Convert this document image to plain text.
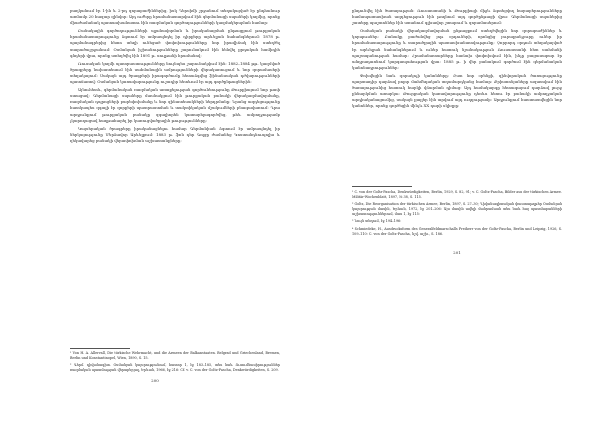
բաղկանում էր 1-ին և 2-րդ զորաբաժիններից, իսկ Դերսիմի շրջանում տեղակայված էր ընդհանուր առմամբ 20 հազար զինվոր: Այդ ուժերը հրամանատարվում էին գերմանացի սպաների կողմից, որոնք միաժամանակ պատասխանատու էին ռազմական գործողությունների կազմակերպման համար:

Բանակային գործողությունների պլանավորման և իրականացման ընթացքում թուրքական հրամանատարությունը ձգտում էր ամրապնդել իր դիրքերը արևելյան նահանգներում: 1878 թ. պայմանագրերից հետո տեղի ունեցած փոփոխությունները նոր իրավիճակ էին ստեղծել տարածաշրջանում: Օսմանյան իշխանությունները շարունակում էին հենվել քրդական համիդիե գնդերի վրա, որոնք ստեղծվել էին 1891 թ. սուլթանի հրամանով:

Ռուսական կողմի պատրաստությունները նույնպես շարունակվում էին: 1882–1884 թթ. կազմված ծրագրերը նախատեսում էին սահմանային ամրությունների վերակառուցում և նոր զորամասերի տեղակայում: Սակայն այդ ծրագրերի իրագործումը հետաձգվեց ֆինանսական դժվարությունների պատճառով: Օսմանյան կառավարությունը ուշադիր հետևում էր այդ գործընթացներին:

Այնուհետև, գերմանական ռազմական առաքելության գործունեությունը Թուրքիայում նոր թափ ստացավ: Գերմանացի սպաները մասնակցում էին թուրքական բանակի վերակազմավորմանը, ռազմական դպրոցների բարեփոխմանը և նոր զինատեսակների ներդրմանը: Նրանց ազդեցությունը հատկապես զգալի էր զորքերի պատրաստման և տակտիկական մշակումների բնագավառում: Դրա արդյունքում թուրքական բանակը զգալիորեն կատարելագործվեց, թեև ամբողջությամբ չկարողացավ հաղթահարել իր կառուցվածքային թուլությունները:

Կայսերական ծրագրերը իրականացնելու համար Գերմանիան ձգտում էր ամրապնդել իր ներկայությունը Մերձավոր Արևելքում: 1883 թ. ֆոն դեր Գոլցը ժամանեց Կոստանդնուպոլիս և ղեկավարեց բանակի վերափոխման աշխատանքները:

¹ Von H. A. Allervall, Die türkische Wehrmacht, und die Armeen der Balkanstaaten. Belgrad und Griechenland, Bremen, Berlin und Konstantinopel, Wien, 1890, S. 15.

² Գերմ. դիվանագիտ. Օսմանյան կայսրությունում, հատոր 1, էջ 183–185, տես նաև Ուսումնասիրություններ ռազմական պատմության վերաբերյալ, Երևան, 1966, էջ 216: Cf. v. C. von der Goltz-Pascha, Denkwürdigkeiten, S. 209.

200

ընդունվել էին ծառայության: Ռուսաստանի և Թուրքիայի միջև ձգտեցվող հարաբերությունները համապատասխան ազդեցություն էին թողնում այդ գործընթացի վրա: Գերմանացի սպաներից շատերը պաշտոններ էին ստանում գլխավոր շտաբում և զորամասերում:

Օսմանյան բանակի վերակազմավորման ընթացքում ստեղծվեցին նոր զորաբաժիններ և կորպուսներ: Բանակը բաժանվեց յոթ օրդուների, որոնցից յուրաքանչյուրը ուներ իր հրամանատարությունը և տարածքային պատասխանատվությունը: Չորրորդ օրդուն տեղակայված էր արևելյան նահանգներում և ուներ հատուկ նշանակություն Ռուսաստանի հետ սահմանի պաշտպանության համար: Հրամանատարները հաճախ փոփոխվում էին, ինչը բացասաբար էր անդրադառնում կարգապահության վրա: 1885 թ. ի վեր բանակում գործում էին գերմանական կանոնադրություններ:

Փոխվեցին նաև զորակոչի կանոնները: Ըստ նոր օրենքի, զինվորական ծառայությունը պարտադիր դարձավ բոլոր մահմեդական տղամարդկանց համար: Քրիստոնյաները ազատվում էին ծառայությունից հատուկ հարկի վճարման դիմաց: Այդ համակարգը հետագայում դարձավ լուրջ քննարկման առարկա: Թուրքական կառավարությունը դեռևս հեռու էր բանակի ամբողջական արդիականացումից, սակայն քայլեր էին արվում այդ ուղղությամբ: Արդյունքում հաստատվեցին նոր կանոններ, որոնք գործեցին մինչև XX դարի սկիզբը:

¹ C. von der Goltz-Pascha, Denkwürdigkeiten, Berlin, 1929, S. 82, 91; v. C. Goltz-Pascha, Bilder aus der türkischen Armee. Militär-Wochenblatt, 1897, № 38, S. 115.

² Goltz, Die Reorganisation der türkischen Armee, Berlin, 1897, S. 27–30; Դիվանագիտական փաստաթղթեր Օսմանյան կայսրության մասին, Երևան, 1972, էջ 201–206: Այս մասին ավելի մանրամասն տես նաև հայ պատմաբանների աշխատություններում, մաս 1, էջ 115:

³ Նույն տեղում, էջ 194–196:

⁴ Schmiedeke, H., Ausdrucksform des Generalfeldmarschalls Freiherr von der Goltz-Pascha, Berlin und Leipzig, 1926, S. 109–110: C. von der Goltz-Pascha, նշվ. աշխ., S. 186.

201
